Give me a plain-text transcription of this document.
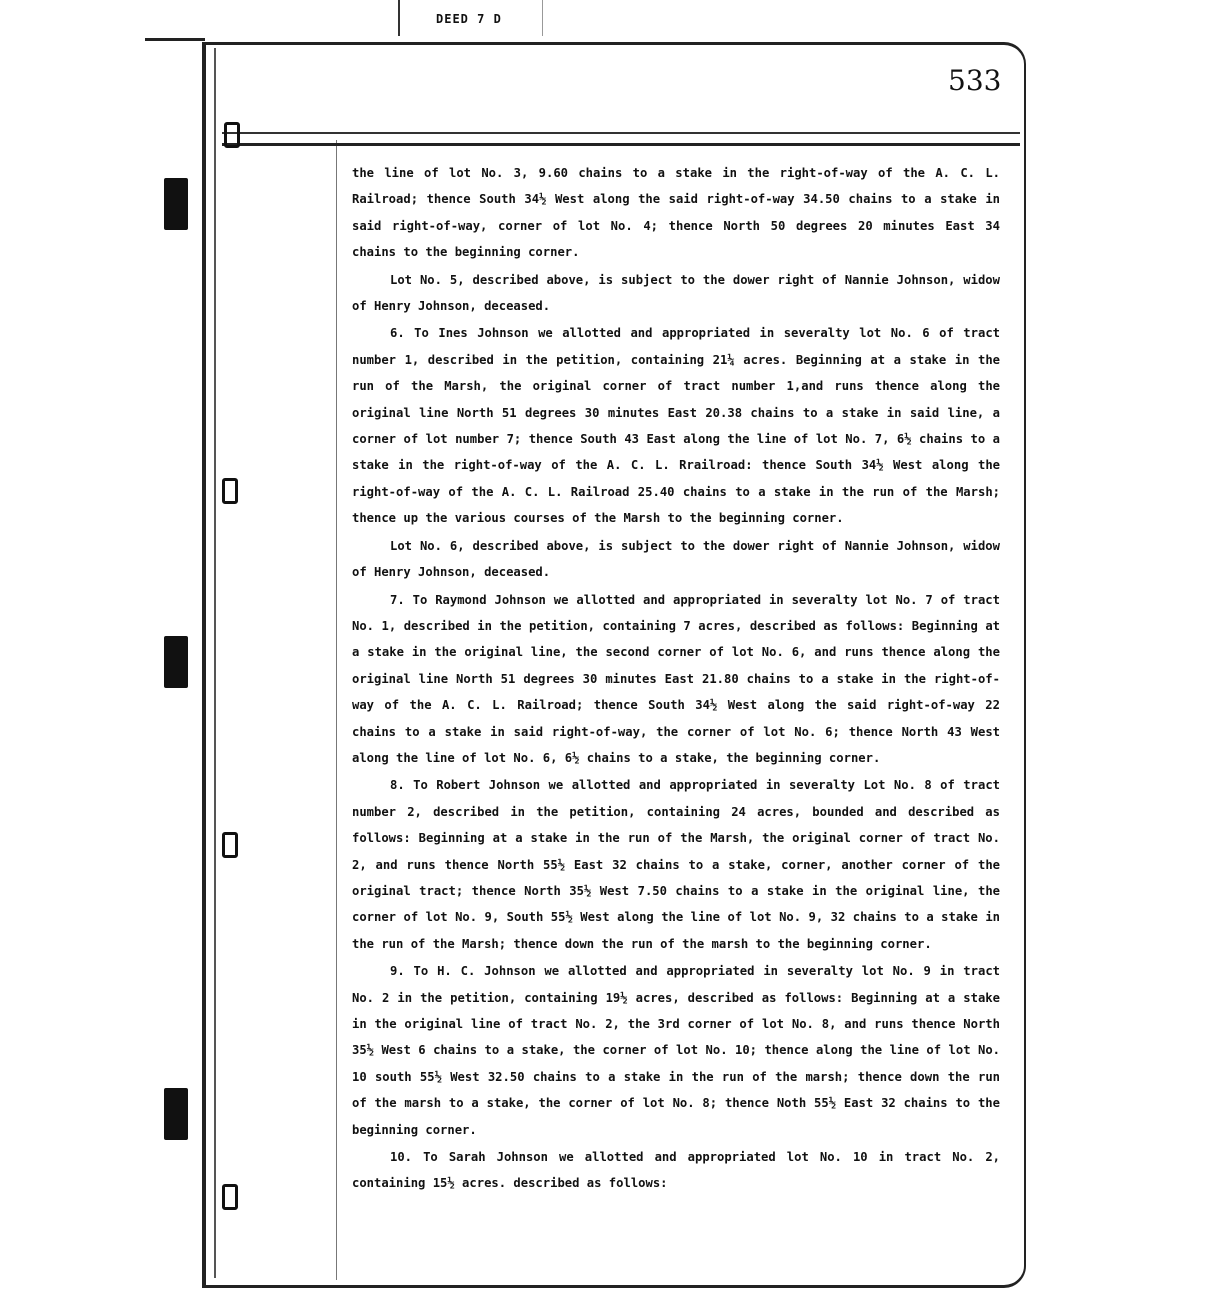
DEED 7 D
533

the line of lot No. 3, 9.60 chains to a stake in the right-of-way of the A. C. L. Railroad; thence South 34½ West along the said right-of-way 34.50 chains to a stake in said right-of-way, corner of lot No. 4; thence North 50 degrees 20 minutes East 34 chains to the beginning corner.

Lot No. 5, described above, is subject to the dower right of Nannie Johnson, widow of Henry Johnson, deceased.

6. To Ines Johnson we allotted and appropriated in severalty lot No. 6 of tract number 1, described in the petition, containing 21¼ acres. Beginning at a stake in the run of the Marsh, the original corner of tract number 1,and runs thence along the original line North 51 degrees 30 minutes East 20.38 chains to a stake in said line, a corner of lot number 7; thence South 43 East along the line of lot No. 7, 6½ chains to a stake in the right-of-way of the A. C. L. Rrailroad: thence South 34½ West along the right-of-way of the A. C. L. Railroad 25.40 chains to a stake in the run of the Marsh; thence up the various courses of the Marsh to the beginning corner.

Lot No. 6, described above, is subject to the dower right of Nannie Johnson, widow of Henry Johnson, deceased.

7. To Raymond Johnson we allotted and appropriated in severalty lot No. 7 of tract No. 1, described in the petition, containing 7 acres, described as follows: Beginning at a stake in the original line, the second corner of lot No. 6, and runs thence along the original line North 51 degrees 30 minutes East 21.80 chains to a stake in the right-of-way of the A. C. L. Railroad; thence South 34½ West along the said right-of-way 22 chains to a stake in said right-of-way, the corner of lot No. 6; thence North 43 West along the line of lot No. 6, 6½ chains to a stake, the beginning corner.

8. To Robert Johnson we allotted and appropriated in severalty Lot No. 8 of tract number 2, described in the petition, containing 24 acres, bounded and described as follows: Beginning at a stake in the run of the Marsh, the original corner of tract No. 2, and runs thence North 55½ East 32 chains to a stake, corner, another corner of the original tract; thence North 35½ West 7.50 chains to a stake in the original line, the corner of lot No. 9, South 55½ West along the line of lot No. 9, 32 chains to a stake in the run of the Marsh; thence down the run of the marsh to the beginning corner.

9. To H. C. Johnson we allotted and appropriated in severalty lot No. 9 in tract No. 2 in the petition, containing 19½ acres, described as follows: Beginning at a stake in the original line of tract No. 2, the 3rd corner of lot No. 8, and runs thence North 35½ West 6 chains to a stake, the corner of lot No. 10; thence along the line of lot No. 10 south 55½ West 32.50 chains to a stake in the run of the marsh; thence down the run of the marsh to a stake, the corner of lot No. 8; thence Noth 55½ East 32 chains to the beginning corner.

10. To Sarah Johnson we allotted and appropriated lot No. 10 in tract No. 2, containing 15½ acres. described as follows:
